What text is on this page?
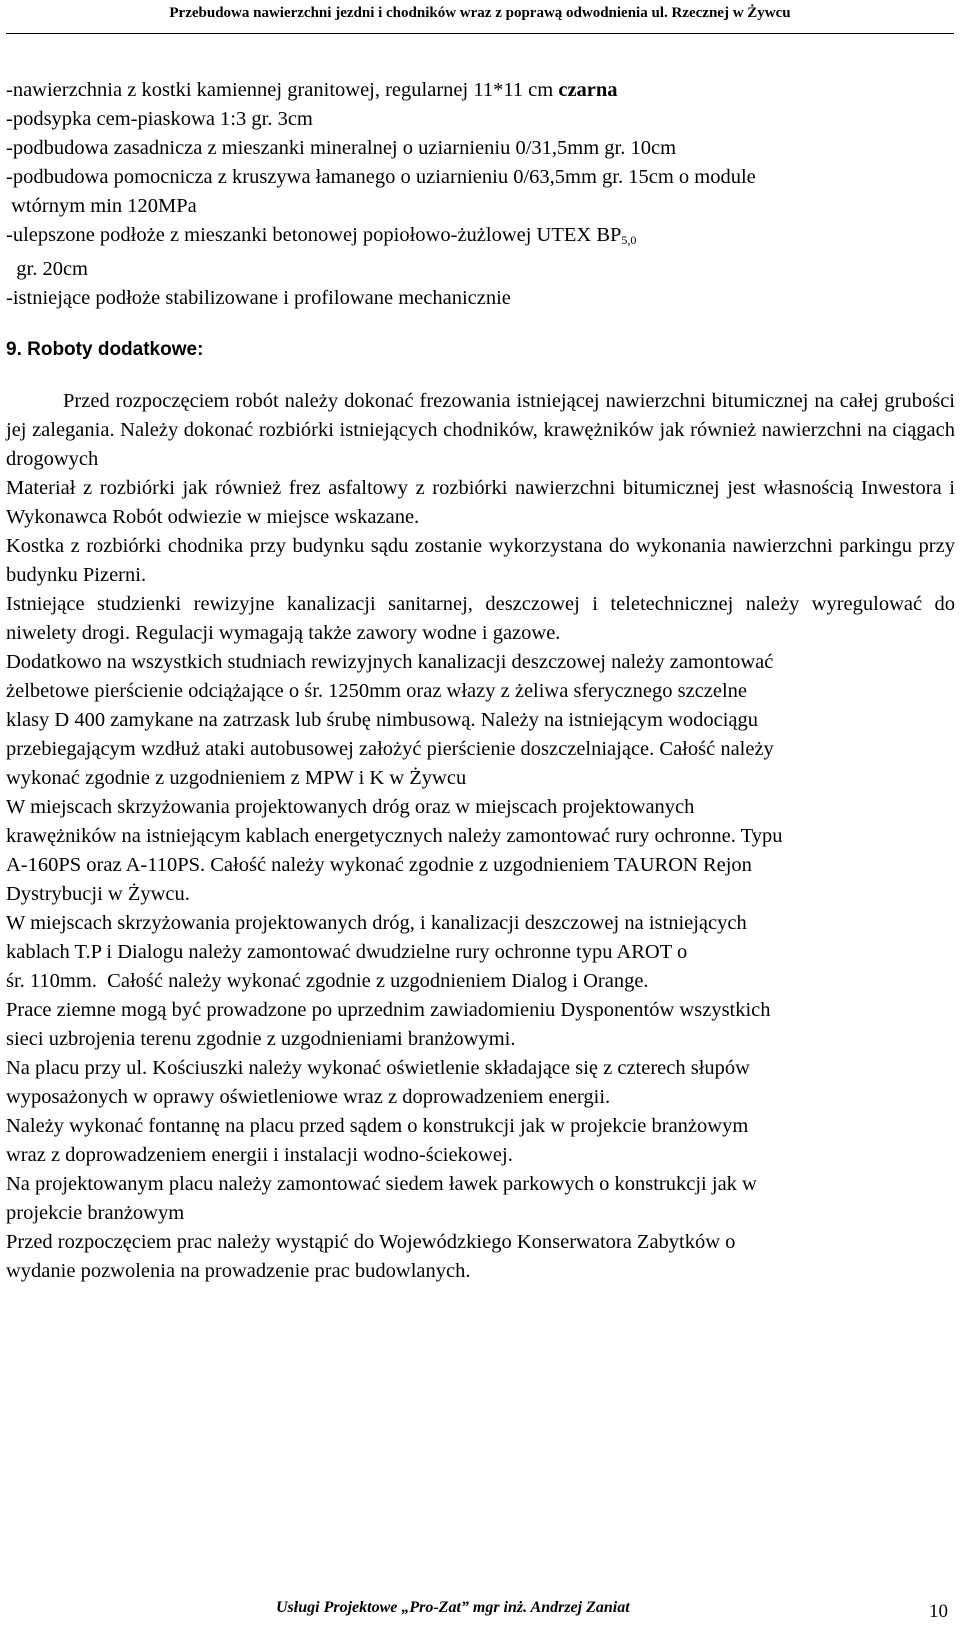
Przebudowa nawierzchni jezdni i chodników wraz z poprawą odwodnienia ul. Rzecznej w Żywcu
-nawierzchnia z kostki kamiennej granitowej, regularnej 11*11 cm czarna
-podsypka cem-piaskowa 1:3 gr. 3cm
-podbudowa zasadnicza z mieszanki mineralnej o uziarnieniu 0/31,5mm gr. 10cm
-podbudowa pomocnicza z kruszywa łamanego o uziarnieniu 0/63,5mm gr. 15cm o module
wtórnym min 120MPa
-ulepszone podłoże z mieszanki betonowej popiołowo-żużlowej UTEX $BP_{5,0}$
gr. 20cm
-istniejące podłoże stabilizowane i profilowane mechanicznie
9. Roboty dodatkowe:

Przed rozpoczęciem robót należy dokonać frezowania istniejącej nawierzchni bitumicznej na całej grubości jej zalegania. Należy dokonać rozbiórki istniejących chodników, krawężników jak również nawierzchni na ciągach drogowych

Materiał z rozbiórki jak również frez asfaltowy z rozbiórki nawierzchni bitumicznej jest własnością Inwestora i Wykonawca Robót odwiezie w miejsce wskazane.

Kostka z rozbiórki chodnika przy budynku sądu zostanie wykorzystana do wykonania nawierzchni parkingu przy budynku Pizerni.

Istniejące studzienki rewizyjne kanalizacji sanitarnej, deszczowej i teletechnicznej należy wyregulować do niwelety drogi. Regulacji wymagają także zawory wodne i gazowe.

Dodatkowo na wszystkich studniach rewizyjnych kanalizacji deszczowej należy zamontować
żelbetowe pierścienie odciążające o śr. 1250mm oraz włazy z żeliwa sferycznego szczelne
klasy D 400 zamykane na zatrzask lub śrubę nimbusową. Należy na istniejącym wodociągu
przebiegającym wzdłuż ataki autobusowej założyć pierścienie doszczelniające. Całość należy
wykonać zgodnie z uzgodnieniem z MPW i K w Żywcu
W miejscach skrzyżowania projektowanych dróg oraz w miejscach projektowanych
krawężników na istniejącym kablach energetycznych należy zamontować rury ochronne. Typu
A-160PS oraz A-110PS. Całość należy wykonać zgodnie z uzgodnieniem TAURON Rejon
Dystrybucji w Żywcu.
W miejscach skrzyżowania projektowanych dróg, i kanalizacji deszczowej na istniejących
kablach T.P i Dialogu należy zamontować dwudzielne rury ochronne typu AROT o
śr. 110mm.  Całość należy wykonać zgodnie z uzgodnieniem Dialog i Orange.
Prace ziemne mogą być prowadzone po uprzednim zawiadomieniu Dysponentów wszystkich
sieci uzbrojenia terenu zgodnie z uzgodnieniami branżowymi.
Na placu przy ul. Kościuszki należy wykonać oświetlenie składające się z czterech słupów
wyposażonych w oprawy oświetleniowe wraz z doprowadzeniem energii.
Należy wykonać fontannę na placu przed sądem o konstrukcji jak w projekcie branżowym
wraz z doprowadzeniem energii i instalacji wodno-ściekowej.
Na projektowanym placu należy zamontować siedem ławek parkowych o konstrukcji jak w
projekcie branżowym
Przed rozpoczęciem prac należy wystąpić do Wojewódzkiego Konserwatora Zabytków o
wydanie pozwolenia na prowadzenie prac budowlanych.
Usługi Projektowe „Pro-Zat” mgr inż. Andrzej Zaniat	10
